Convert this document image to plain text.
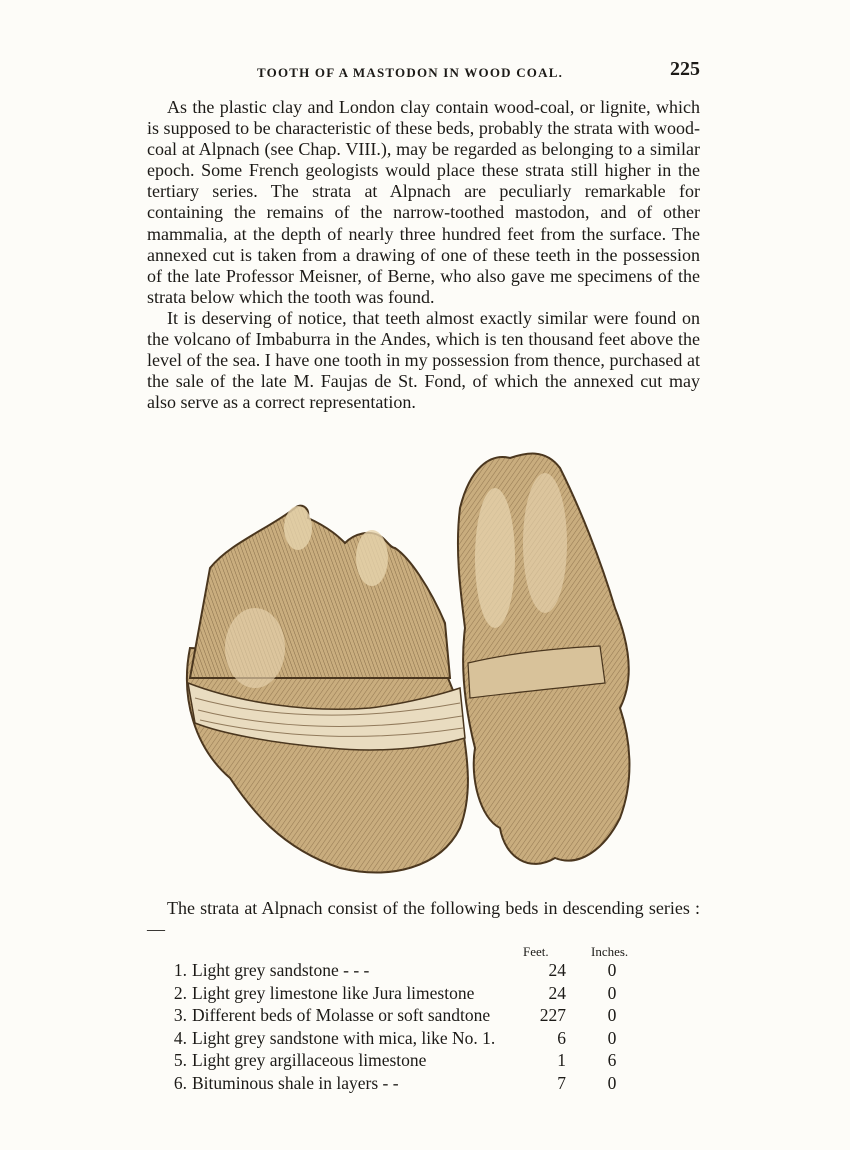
TOOTH OF A MASTODON IN WOOD COAL.	225

As the plastic clay and London clay contain wood-coal, or lignite, which is supposed to be characteristic of these beds, probably the strata with wood-coal at Alpnach (see Chap. VIII.), may be regarded as belonging to a similar epoch. Some French geologists would place these strata still higher in the tertiary series. The strata at Alpnach are peculiarly remarkable for containing the remains of the narrow-toothed mastodon, and of other mammalia, at the depth of nearly three hundred feet from the surface. The annexed cut is taken from a drawing of one of these teeth in the possession of the late Professor Meisner, of Berne, who also gave me specimens of the strata below which the tooth was found.

It is deserving of notice, that teeth almost exactly similar were found on the volcano of Imbaburra in the Andes, which is ten thousand feet above the level of the sea. I have one tooth in my possession from thence, purchased at the sale of the late M. Faujas de St. Fond, of which the annexed cut may also serve as a correct representation.

The strata at Alpnach consist of the following beds in descending series :—

Feet.	Inches.
1. Light grey sandstone - - -	24	0
2. Light grey limestone like Jura limestone	24	0
3. Different beds of Molasse or soft sandtone	227	0
4. Light grey sandstone with mica, like No. 1.	6	0
5. Light grey argillaceous limestone	1	6
6. Bituminous shale in layers - -	7	0
